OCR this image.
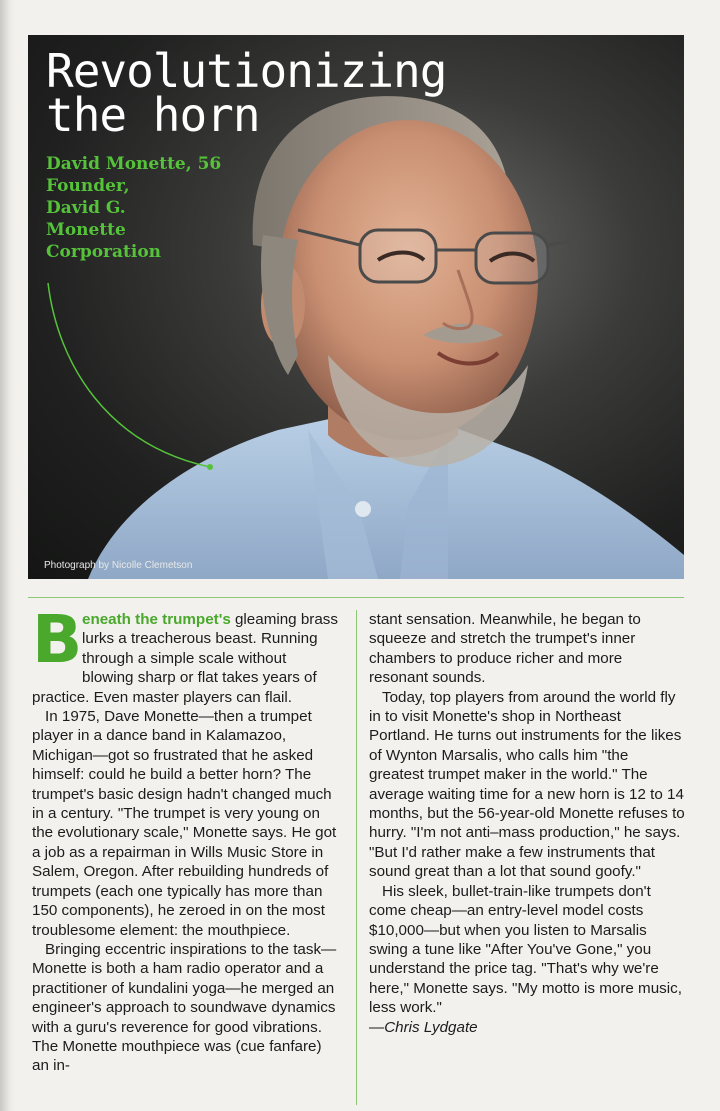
Revolutionizing
the horn
David Monette, 56
Founder,
David G.
Monette
Corporation
Photograph by Nicolle Clemetson

Beneath the trumpet's gleaming brass lurks a treacherous beast. Running through a simple scale without blowing sharp or flat takes years of practice. Even master players can flail.

In 1975, Dave Monette—then a trumpet player in a dance band in Kalamazoo, Michigan—got so frustrated that he asked himself: could he build a better horn? The trumpet's basic design hadn't changed much in a century. "The trumpet is very young on the evolutionary scale," Monette says. He got a job as a repairman in Wills Music Store in Salem, Oregon. After rebuilding hundreds of trumpets (each one typically has more than 150 components), he zeroed in on the most troublesome element: the mouthpiece.

Bringing eccentric inspirations to the task—Monette is both a ham radio operator and a practitioner of kundalini yoga—he merged an engineer's approach to soundwave dynamics with a guru's reverence for good vibrations. The Monette mouthpiece was (cue fanfare) an in-

stant sensation. Meanwhile, he began to squeeze and stretch the trumpet's inner chambers to produce richer and more resonant sounds.

Today, top players from around the world fly in to visit Monette's shop in Northeast Portland. He turns out instruments for the likes of Wynton Marsalis, who calls him "the greatest trumpet maker in the world." The average waiting time for a new horn is 12 to 14 months, but the 56-year-old Monette refuses to hurry. "I'm not anti–mass production," he says. "But I'd rather make a few instruments that sound great than a lot that sound goofy."

His sleek, bullet-train-like trumpets don't come cheap—an entry-level model costs $10,000—but when you listen to Marsalis swing a tune like "After You've Gone," you understand the price tag. "That's why we're here," Monette says. "My motto is more music, less work."
—Chris Lydgate
